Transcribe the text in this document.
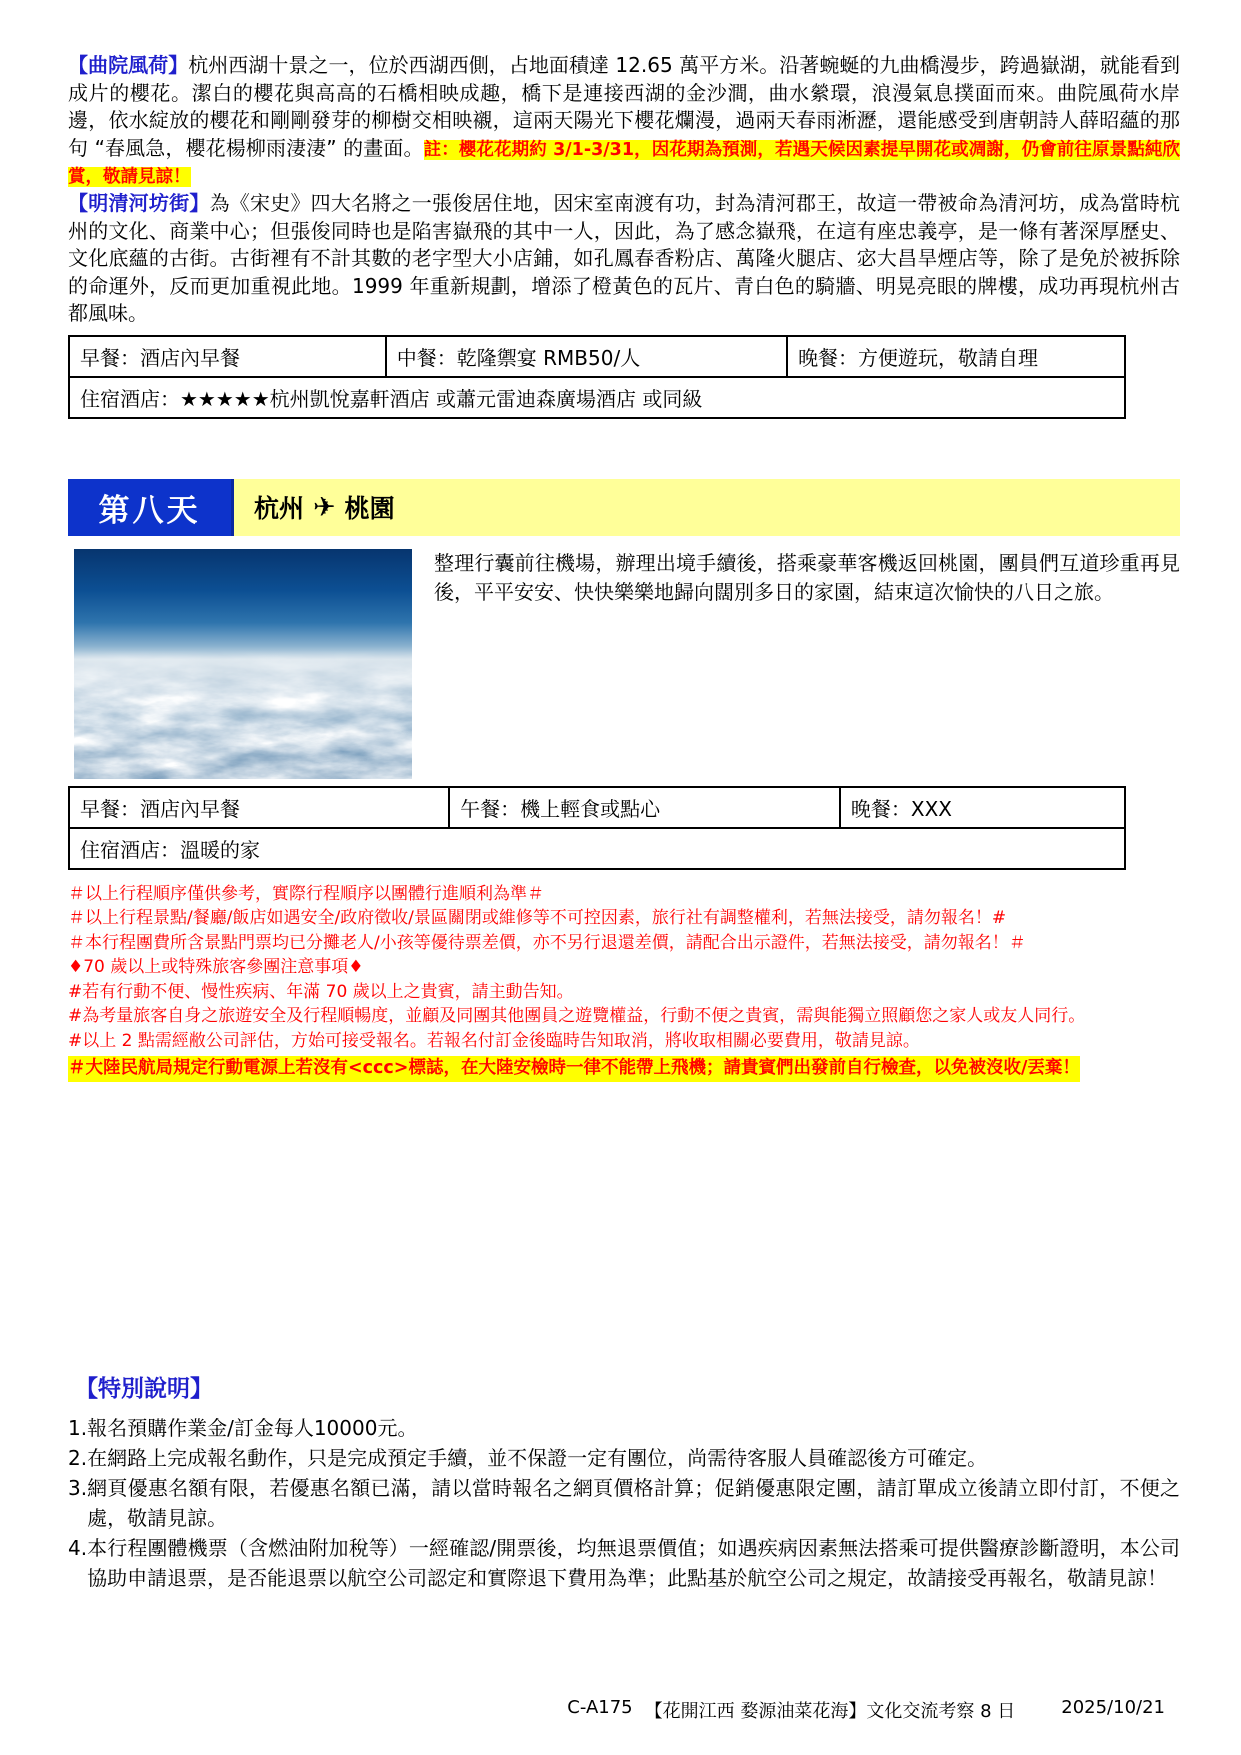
【曲院風荷】杭州西湖十景之一，位於西湖西側，占地面積達 12.65 萬平方米。沿著蜿蜒的九曲橋漫步，跨過嶽湖，就能看到成片的櫻花。潔白的櫻花與高高的石橋相映成趣，橋下是連接西湖的金沙澗，曲水縈環，浪漫氣息撲面而來。曲院風荷水岸邊，依水綻放的櫻花和剛剛發芽的柳樹交相映襯，這兩天陽光下櫻花爛漫，過兩天春雨淅瀝，還能感受到唐朝詩人薛昭蘊的那句 “春風急，櫻花楊柳雨淒淒” 的畫面。註：櫻花花期約 3/1-3/31，因花期為預測，若遇天候因素提早開花或凋謝，仍會前往原景點純欣賞，敬請見諒！

【明清河坊街】為《宋史》四大名將之一張俊居住地，因宋室南渡有功，封為清河郡王，故這一帶被命為清河坊，成為當時杭州的文化、商業中心；但張俊同時也是陷害嶽飛的其中一人，因此，為了感念嶽飛，在這有座忠義亭，是一條有著深厚歷史、文化底蘊的古街。古街裡有不計其數的老字型大小店鋪，如孔鳳春香粉店、萬隆火腿店、宓大昌旱煙店等，除了是免於被拆除的命運外，反而更加重視此地。1999 年重新規劃，增添了橙黃色的瓦片、青白色的騎牆、明晃亮眼的牌樓，成功再現杭州古都風味。

早餐：酒店內早餐	中餐：乾隆禦宴 RMB50/人	晚餐：方便遊玩，敬請自理
住宿酒店：★★★★★杭州凱悅嘉軒酒店 或蕭元雷迪森廣場酒店 或同級
第八天	杭州 ✈ 桃園
整理行囊前往機場，辦理出境手續後，搭乘豪華客機返回桃園，團員們互道珍重再見後，平平安安、快快樂樂地歸向闊別多日的家園，結束這次愉快的八日之旅。
早餐：酒店內早餐	午餐：機上輕食或點心	晚餐：XXX
住宿酒店：溫暖的家
＃以上行程順序僅供參考，實際行程順序以團體行進順利為準＃
＃以上行程景點/餐廳/飯店如遇安全/政府徵收/景區關閉或維修等不可控因素，旅行社有調整權利，若無法接受，請勿報名！#
＃本行程團費所含景點門票均已分攤老人/小孩等優待票差價，亦不另行退還差價，請配合出示證件，若無法接受，請勿報名！＃
♦70 歲以上或特殊旅客參團注意事項♦
#若有行動不便、慢性疾病、年滿 70 歲以上之貴賓，請主動告知。
#為考量旅客自身之旅遊安全及行程順暢度，並顧及同團其他團員之遊覽權益，行動不便之貴賓，需與能獨立照顧您之家人或友人同行。
#以上 2 點需經敝公司評估，方始可接受報名。若報名付訂金後臨時告知取消，將收取相關必要費用，敬請見諒。
＃大陸民航局規定行動電源上若沒有<ccc>標誌，在大陸安檢時一律不能帶上飛機；請貴賓們出發前自行檢查，以免被沒收/丟棄！
【特別說明】
1. 報名預購作業金/訂金每人10000元。
2. 在網路上完成報名動作，只是完成預定手續，並不保證一定有團位，尚需待客服人員確認後方可確定。
3. 網頁優惠名額有限，若優惠名額已滿，請以當時報名之網頁價格計算；促銷優惠限定團，請訂單成立後請立即付訂，不便之處，敬請見諒。
4. 本行程團體機票（含燃油附加稅等）一經確認/開票後，均無退票價值；如遇疾病因素無法搭乘可提供醫療診斷證明，本公司協助申請退票，是否能退票以航空公司認定和實際退下費用為準；此點基於航空公司之規定，故請接受再報名，敬請見諒！
C-A175 【花開江西 婺源油菜花海】文化交流考察 8 日	2025/10/21
